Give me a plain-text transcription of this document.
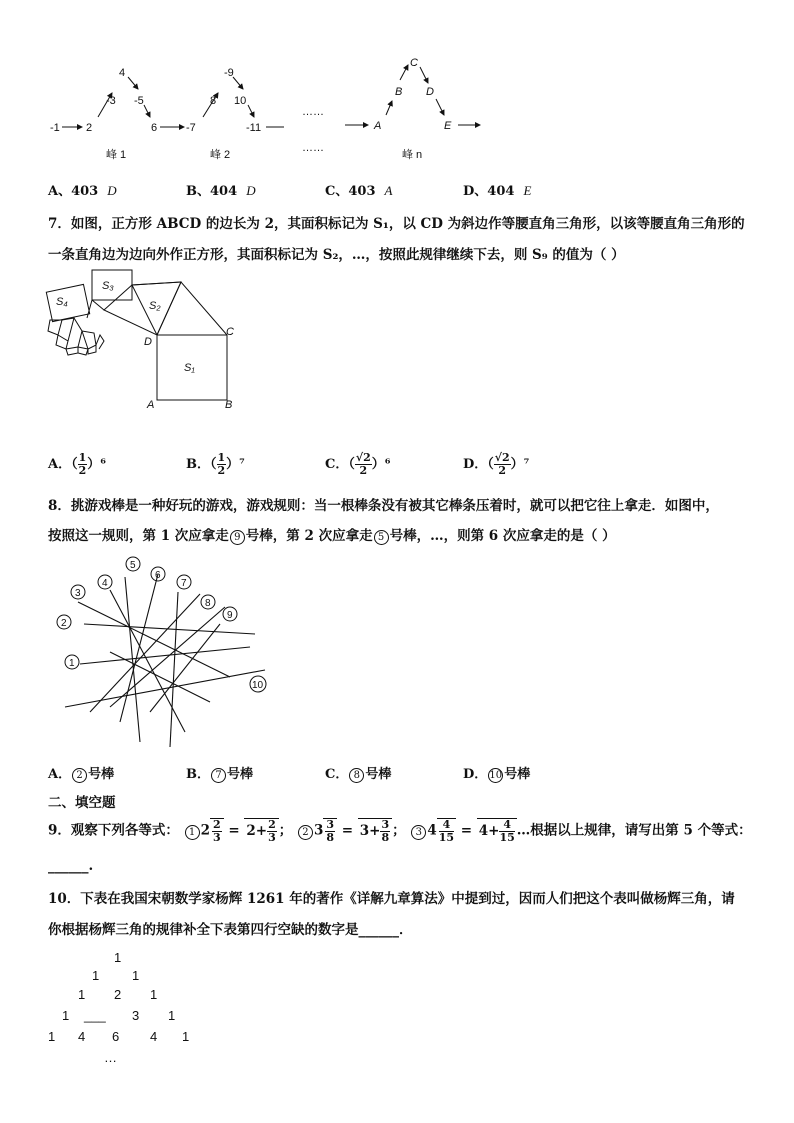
-1 2
-3
4
-5
6	-7
8
-9
10
-11
……
……
A
B
C
D
E
峰 1	峰 2	峰 n
A、403 D	B、404 D	C、403 A	D、404 E
7．如图，正方形 ABCD 的边长为 2，其面积标记为 S₁，以 CD 为斜边作等腰直角三角形，以该等腰直角三角形的
一条直角边为边向外作正方形，其面积标记为 S₂，…，按照此规律继续下去，则 S₉ 的值为（ ）
S₄
S₃
S₂
S₁
A	B
C
D
A．（ $\frac{1}{2} )^6$	B．（ $\frac{1}{2} )^7$	C．（ $\frac{√2}{2} )^6$	D．（ $\frac{√2}{2} )^7$
8．挑游戏棒是一种好玩的游戏，游戏规则：当一根棒条没有被其它棒条压着时，就可以把它往上拿走．如图中，
按照这一规则，第 1 次应拿走 9 号棒，第 2 次应拿走 5 号棒，…，则第 6 次应拿走的是（ ）
1
2
3
4
5
6
7
8
9
10
A． 2 号棒	B． 7 号棒	C． 8 号棒	D． 10 号棒
二、填空题
9．观察下列各等式： 1 $2 \frac{2}{3} = 2+ \frac{2}{3}$ ； 2 $3 \frac{3}{8} = 3+ \frac{3}{8}$ ； 3 $4 \frac{4}{15} = 4+ \frac{4}{15}$ …根据以上规律，请写出第 5 个等式：
______.
10．下表在我国宋朝数学家杨辉 1261 年的著作《详解九章算法》中提到过，因而人们把这个表叫做杨辉三角，请
你根据杨辉三角的规律补全下表第四行空缺的数字是______．
1
1	1
1 2 1
1 ___ 3 1
1 4 6 4 1
…
